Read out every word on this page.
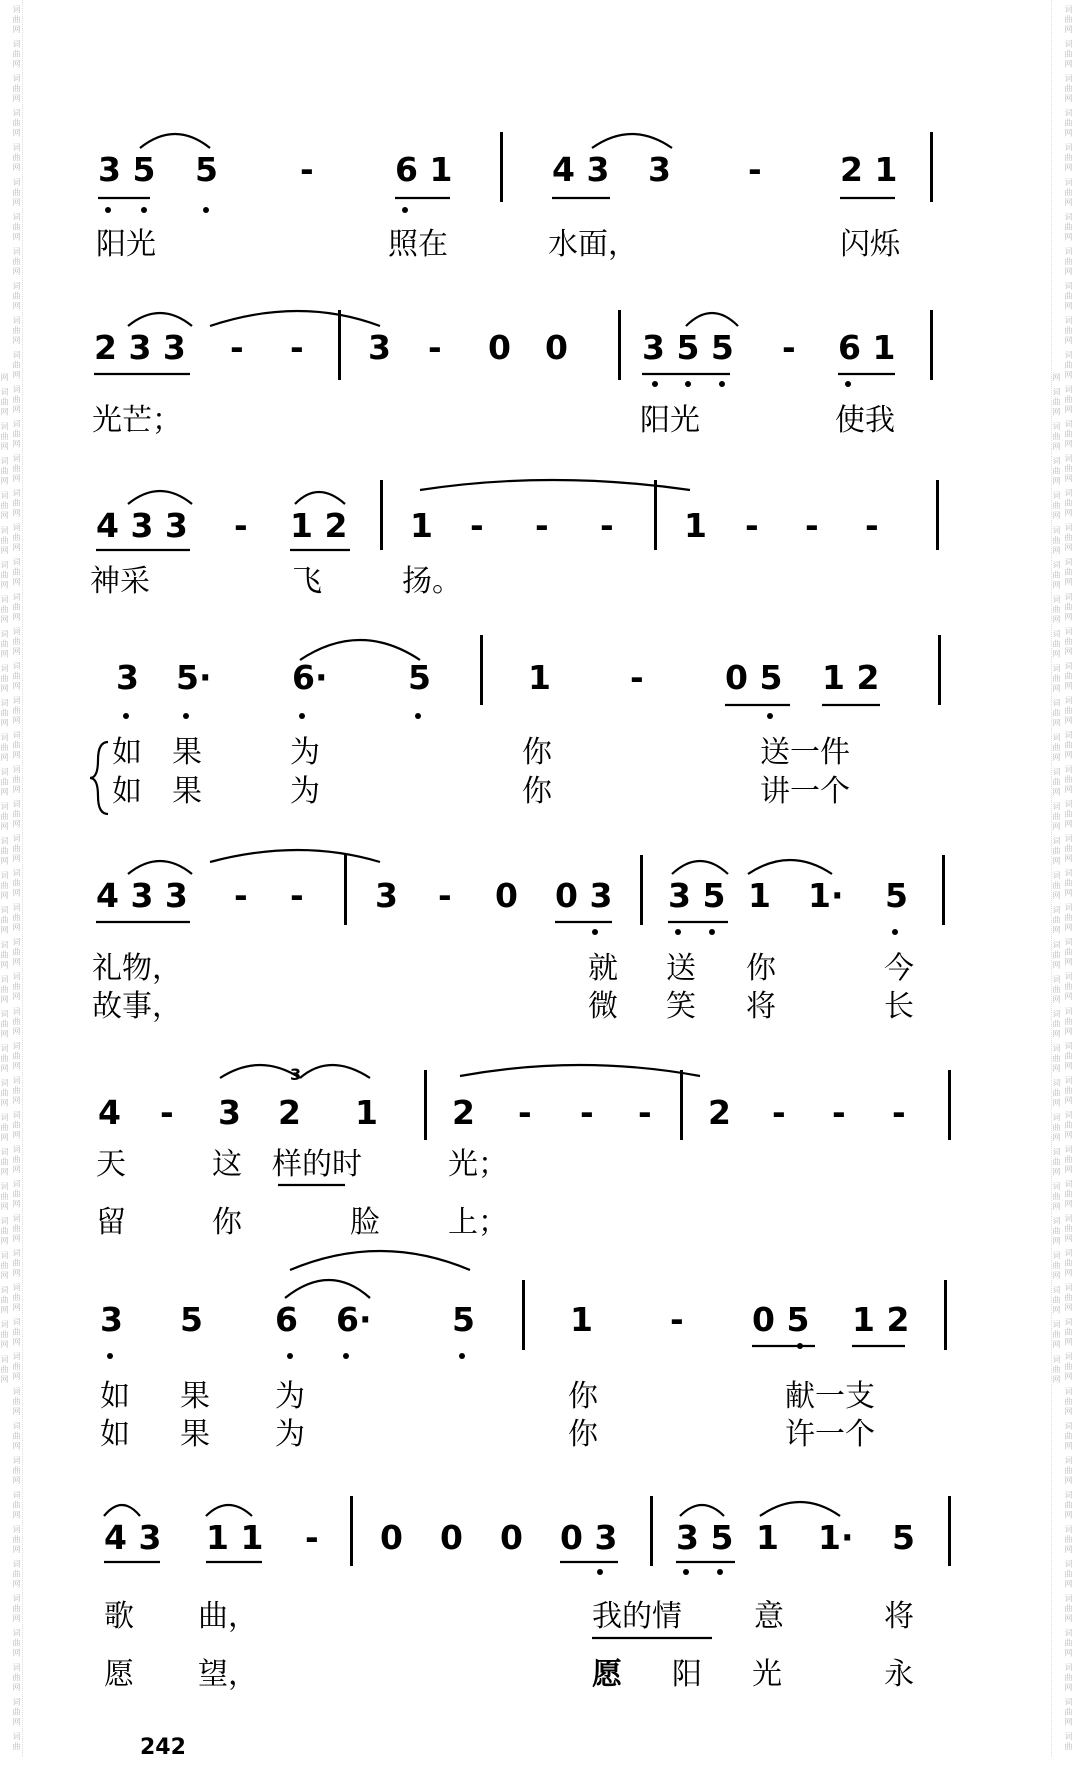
词曲网 词曲网 词曲网 词曲网 词曲网 词曲网 词曲网 词曲网 词曲网 词曲网 词曲网 词曲网 词曲网 词曲网 词曲网 词曲网 词曲网 词曲网 词曲网 词曲网 词曲网 词曲网 词曲网 词曲网 词曲网 词曲网 词曲网 词曲网 词曲网 词曲网 词曲网 词曲网 词曲网 词曲网 词曲网 词曲网 词曲网 词曲网 词曲网 词曲网 词曲网 词曲网 词曲网 词曲网 词曲网 词曲网 词曲网 词曲网 词曲网 词曲网 词曲网 词曲网 词曲网 词曲网 词曲网 词曲网 词曲网 词曲网 词曲网 词曲网 词曲网 词曲网 词曲网 词曲网 词曲网 词曲网 词曲网 词曲网 词曲网 词曲网 词曲网 词曲网 词曲网 词曲网 词曲网 词曲网 词曲网 词曲网 词曲网 词曲网	词曲网 词曲网 词曲网 词曲网 词曲网 词曲网 词曲网 词曲网 词曲网 词曲网 词曲网 词曲网 词曲网 词曲网 词曲网 词曲网 词曲网 词曲网 词曲网 词曲网 词曲网 词曲网 词曲网 词曲网 词曲网 词曲网 词曲网 词曲网 词曲网 词曲网 词曲网 词曲网 词曲网 词曲网 词曲网 词曲网 词曲网 词曲网 词曲网 词曲网 词曲网 词曲网 词曲网 词曲网 词曲网 词曲网 词曲网 词曲网 词曲网 词曲网 词曲网 词曲网 词曲网 词曲网 词曲网 词曲网 词曲网 词曲网 词曲网 词曲网 词曲网 词曲网 词曲网 词曲网 词曲网 词曲网 词曲网 词曲网 词曲网 词曲网 词曲网 词曲网 词曲网 词曲网 词曲网 词曲网 词曲网 词曲网 词曲网 词曲网
3 5 5 - 6 1	4 3 3 - 2 1
阳光	照在	水面，	闪烁
2 3 3 - - 3 - 0 0 3 5 5 - 6 1
光芒；	阳光	使我
4 3 3 - 1 2 1 - - - 1 - - -
神采	飞	扬。
3 5· 6· 5	1 - 0 5 1 2
如 果	为	你	送一件
如 果	为	你	讲一个
4 3 3 - - 3 - 0 0 3 3 5 1 1· 5
礼物，	就 送 你	今
故事，	微 笑 将	长
3
4 - 3 2 1 2 - - - 2 - - -
天	这 样的时	光；
留	你	脸 上；
3 5 6 6· 5	1 - 0 5 1 2
如 果 为	你	献一支
如 果 为	你	许一个
4 3 1 1 - 0 0 0 0 3 3 5 1 1· 5
歌 曲，	我的情 意	将
愿 望，	愿 阳 光	永
242
